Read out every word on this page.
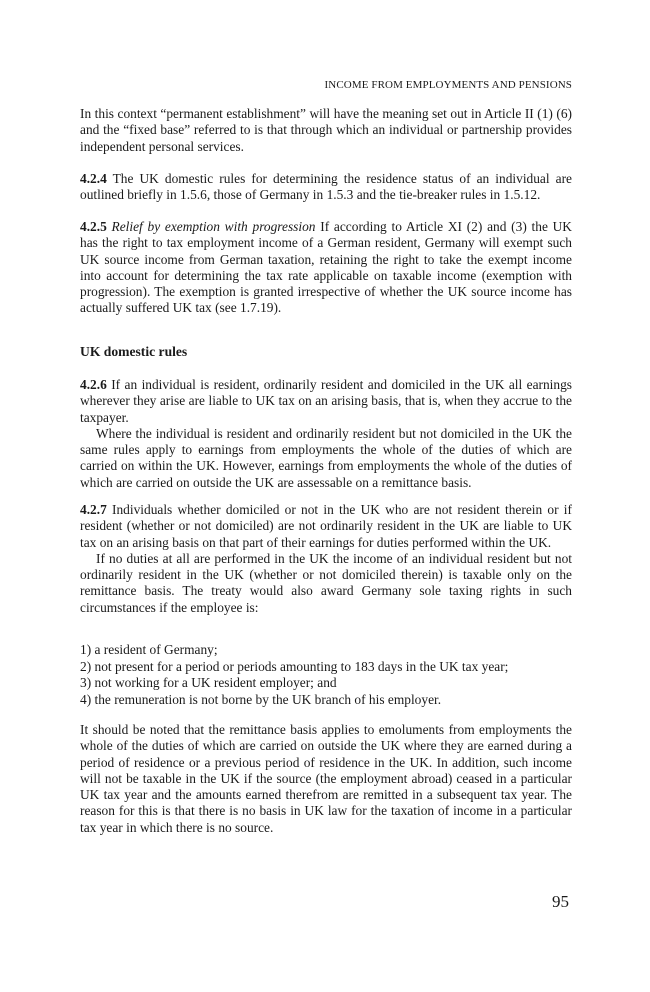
INCOME FROM EMPLOYMENTS AND PENSIONS

In this context “permanent establishment” will have the meaning set out in Article II (1) (6) and the “fixed base” referred to is that through which an individual or partnership provides independent personal services.

4.2.4 The UK domestic rules for determining the residence status of an individual are outlined briefly in 1.5.6, those of Germany in 1.5.3 and the tie-breaker rules in 1.5.12.

4.2.5 Relief by exemption with progression If according to Article XI (2) and (3) the UK has the right to tax employment income of a German resident, Germany will exempt such UK source income from German taxation, retaining the right to take the exempt income into account for determining the tax rate applicable on taxable income (exemption with progression). The exemption is granted irrespective of whether the UK source income has actually suffered UK tax (see 1.7.19).

UK domestic rules

4.2.6 If an individual is resident, ordinarily resident and domiciled in the UK all earnings wherever they arise are liable to UK tax on an arising basis, that is, when they accrue to the taxpayer.

Where the individual is resident and ordinarily resident but not domiciled in the UK the same rules apply to earnings from employments the whole of the duties of which are carried on within the UK. However, earnings from employments the whole of the duties of which are carried on outside the UK are assessable on a remittance basis.

4.2.7 Individuals whether domiciled or not in the UK who are not resident therein or if resident (whether or not domiciled) are not ordinarily resident in the UK are liable to UK tax on an arising basis on that part of their earnings for duties performed within the UK.

If no duties at all are performed in the UK the income of an individual resident but not ordinarily resident in the UK (whether or not domiciled therein) is taxable only on the remittance basis. The treaty would also award Germany sole taxing rights in such circumstances if the employee is:

1) a resident of Germany;
2) not present for a period or periods amounting to 183 days in the UK tax year;
3) not working for a UK resident employer; and
4) the remuneration is not borne by the UK branch of his employer.

It should be noted that the remittance basis applies to emoluments from employments the whole of the duties of which are carried on outside the UK where they are earned during a period of residence or a previous period of residence in the UK. In addition, such income will not be taxable in the UK if the source (the employment abroad) ceased in a particular UK tax year and the amounts earned therefrom are remitted in a subsequent tax year. The reason for this is that there is no basis in UK law for the taxation of income in a particular tax year in which there is no source.

95
